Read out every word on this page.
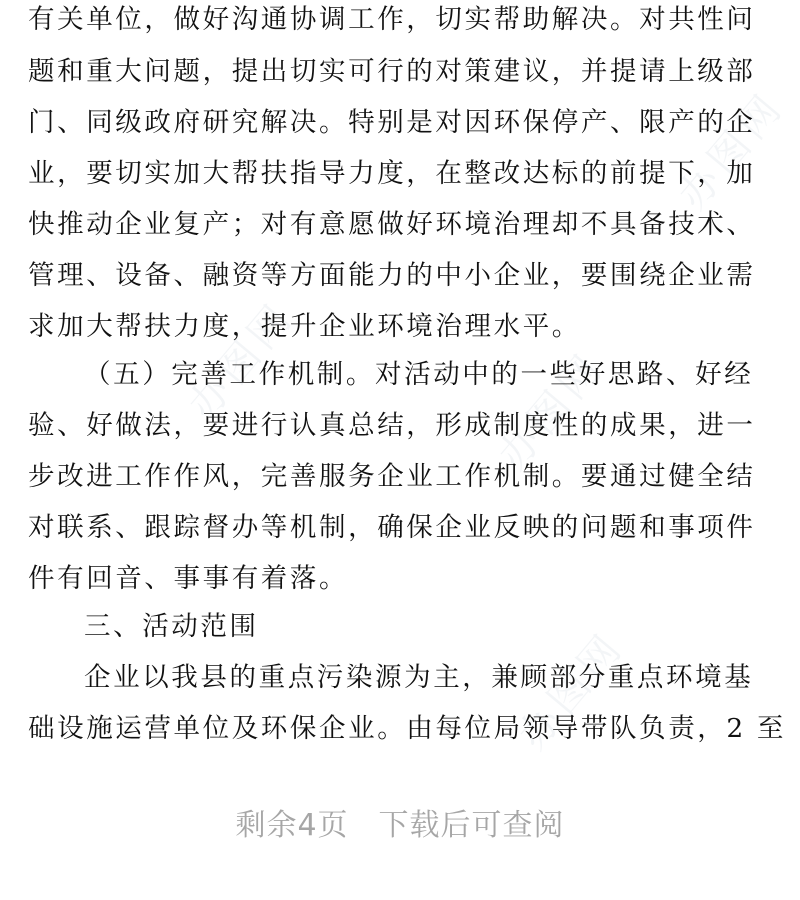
办图网
办图网	办图网
办图网
有关单位，做好沟通协调工作，切实帮助解决。对共性问
题和重大问题，提出切实可行的对策建议，并提请上级部
门、同级政府研究解决。特别是对因环保停产、限产的企
业，要切实加大帮扶指导力度，在整改达标的前提下，加
快推动企业复产；对有意愿做好环境治理却不具备技术、
管理、设备、融资等方面能力的中小企业，要围绕企业需
求加大帮扶力度，提升企业环境治理水平。
（五）完善工作机制。对活动中的一些好思路、好经
验、好做法，要进行认真总结，形成制度性的成果，进一
步改进工作作风，完善服务企业工作机制。要通过健全结
对联系、跟踪督办等机制，确保企业反映的问题和事项件
件有回音、事事有着落。
三、活动范围
企业以我县的重点污染源为主，兼顾部分重点环境基
础设施运营单位及环保企业。由每位局领导带队负责，2 至
剩余4页 下载后可查阅
